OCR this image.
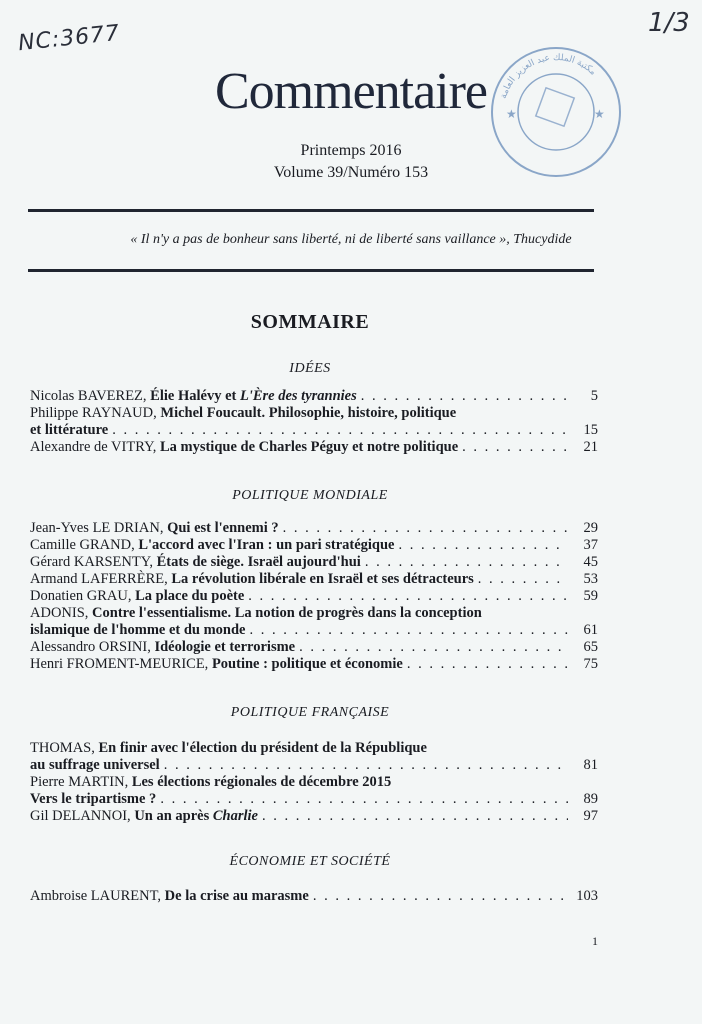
NC:3677	1/3
★	★
مكتبة الملك عبد العزيز العامة
Commentaire
Printemps 2016
Volume 39/Numéro 153
« Il n'y a pas de bonheur sans liberté, ni de liberté sans vaillance », Thucydide
SOMMAIRE
IDÉES
Nicolas BAVEREZ,
Élie Halévy et
L'Ère des tyrannies . . .	5
Philippe RAYNAUD,
Michel Foucault. Philosophie, histoire, politique
et littérature . . .	15
Alexandre de VITRY,
La mystique de Charles Péguy et notre politique . . .	21
POLITIQUE MONDIALE
Jean-Yves LE DRIAN,
Qui est l'ennemi ? . . .	29
Camille GRAND,
L'accord avec l'Iran : un pari stratégique . . .	37
Gérard KARSENTY,
États de siège. Israël aujourd'hui . . .	45
Armand LAFERRÈRE,
La révolution libérale en Israël et ses détracteurs . . .	53
Donatien GRAU,
La place du poète . . .	59
ADONIS,
Contre l'essentialisme. La notion de progrès dans la conception
islamique de l'homme et du monde . . .	61
Alessandro ORSINI,
Idéologie et terrorisme . . .	65
Henri FROMENT-MEURICE,
Poutine : politique et économie . . .	75
POLITIQUE FRANÇAISE
THOMAS,
En finir avec l'élection du président de la République
au suffrage universel . . .	81
Pierre MARTIN,
Les élections régionales de décembre 2015
Vers le tripartisme ? . . .	89
Gil DELANNOI,
Un an après
Charlie . . .	97
ÉCONOMIE ET SOCIÉTÉ
Ambroise LAURENT,
De la crise au marasme . . .	103
1
